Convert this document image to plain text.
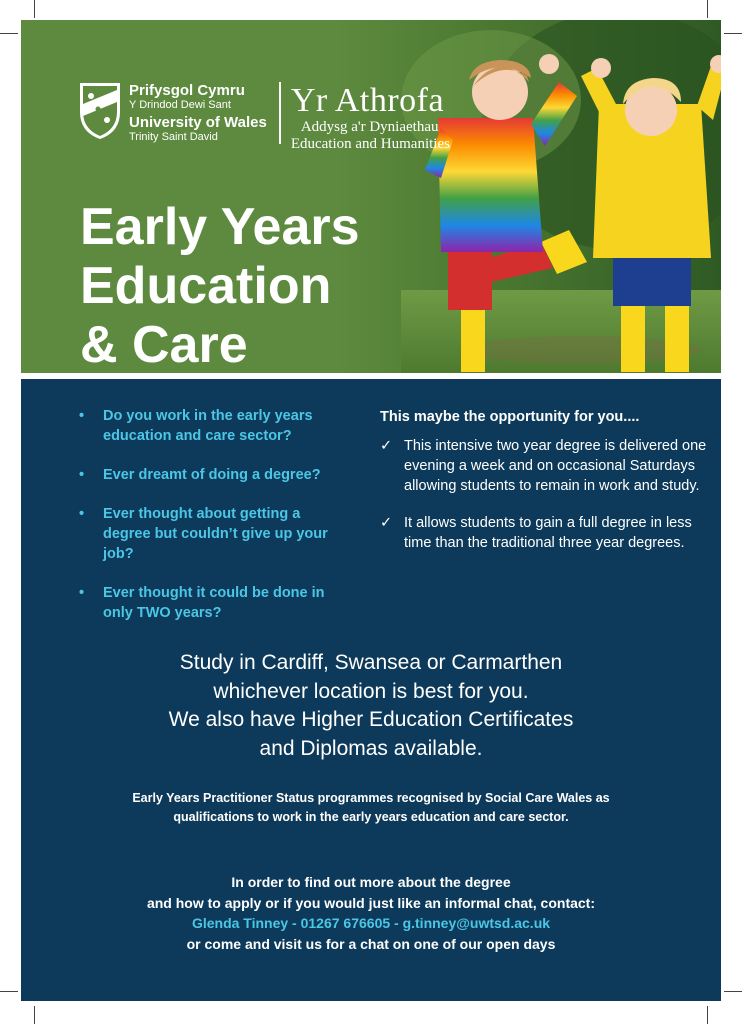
Prifysgol Cymru
Y Drindod Dewi Sant
University of Wales
Trinity Saint David
Yr Athrofa
Addysg a'r Dyniaethau
Education and Humanities
Early Years
Education
& Care
• Do you work in the early years education and care sector?
• Ever dreamt of doing a degree?
• Ever thought about getting a degree but couldn’t give up your job?
• Ever thought it could be done in only TWO years?
This maybe the opportunity for you....
✓ This intensive two year degree is delivered one evening a week and on occasional Saturdays allowing students to remain in work and study.
✓ It allows students to gain a full degree in less time than the traditional three year degrees.
Study in Cardiff, Swansea or Carmarthen
whichever location is best for you.
We also have Higher Education Certificates
and Diplomas available.
Early Years Practitioner Status programmes recognised by Social Care Wales as
qualifications to work in the early years education and care sector.
In order to find out more about the degree
and how to apply or if you would just like an informal chat, contact:
Glenda Tinney - 01267 676605 - g.tinney@uwtsd.ac.uk
or come and visit us for a chat on one of our open days
